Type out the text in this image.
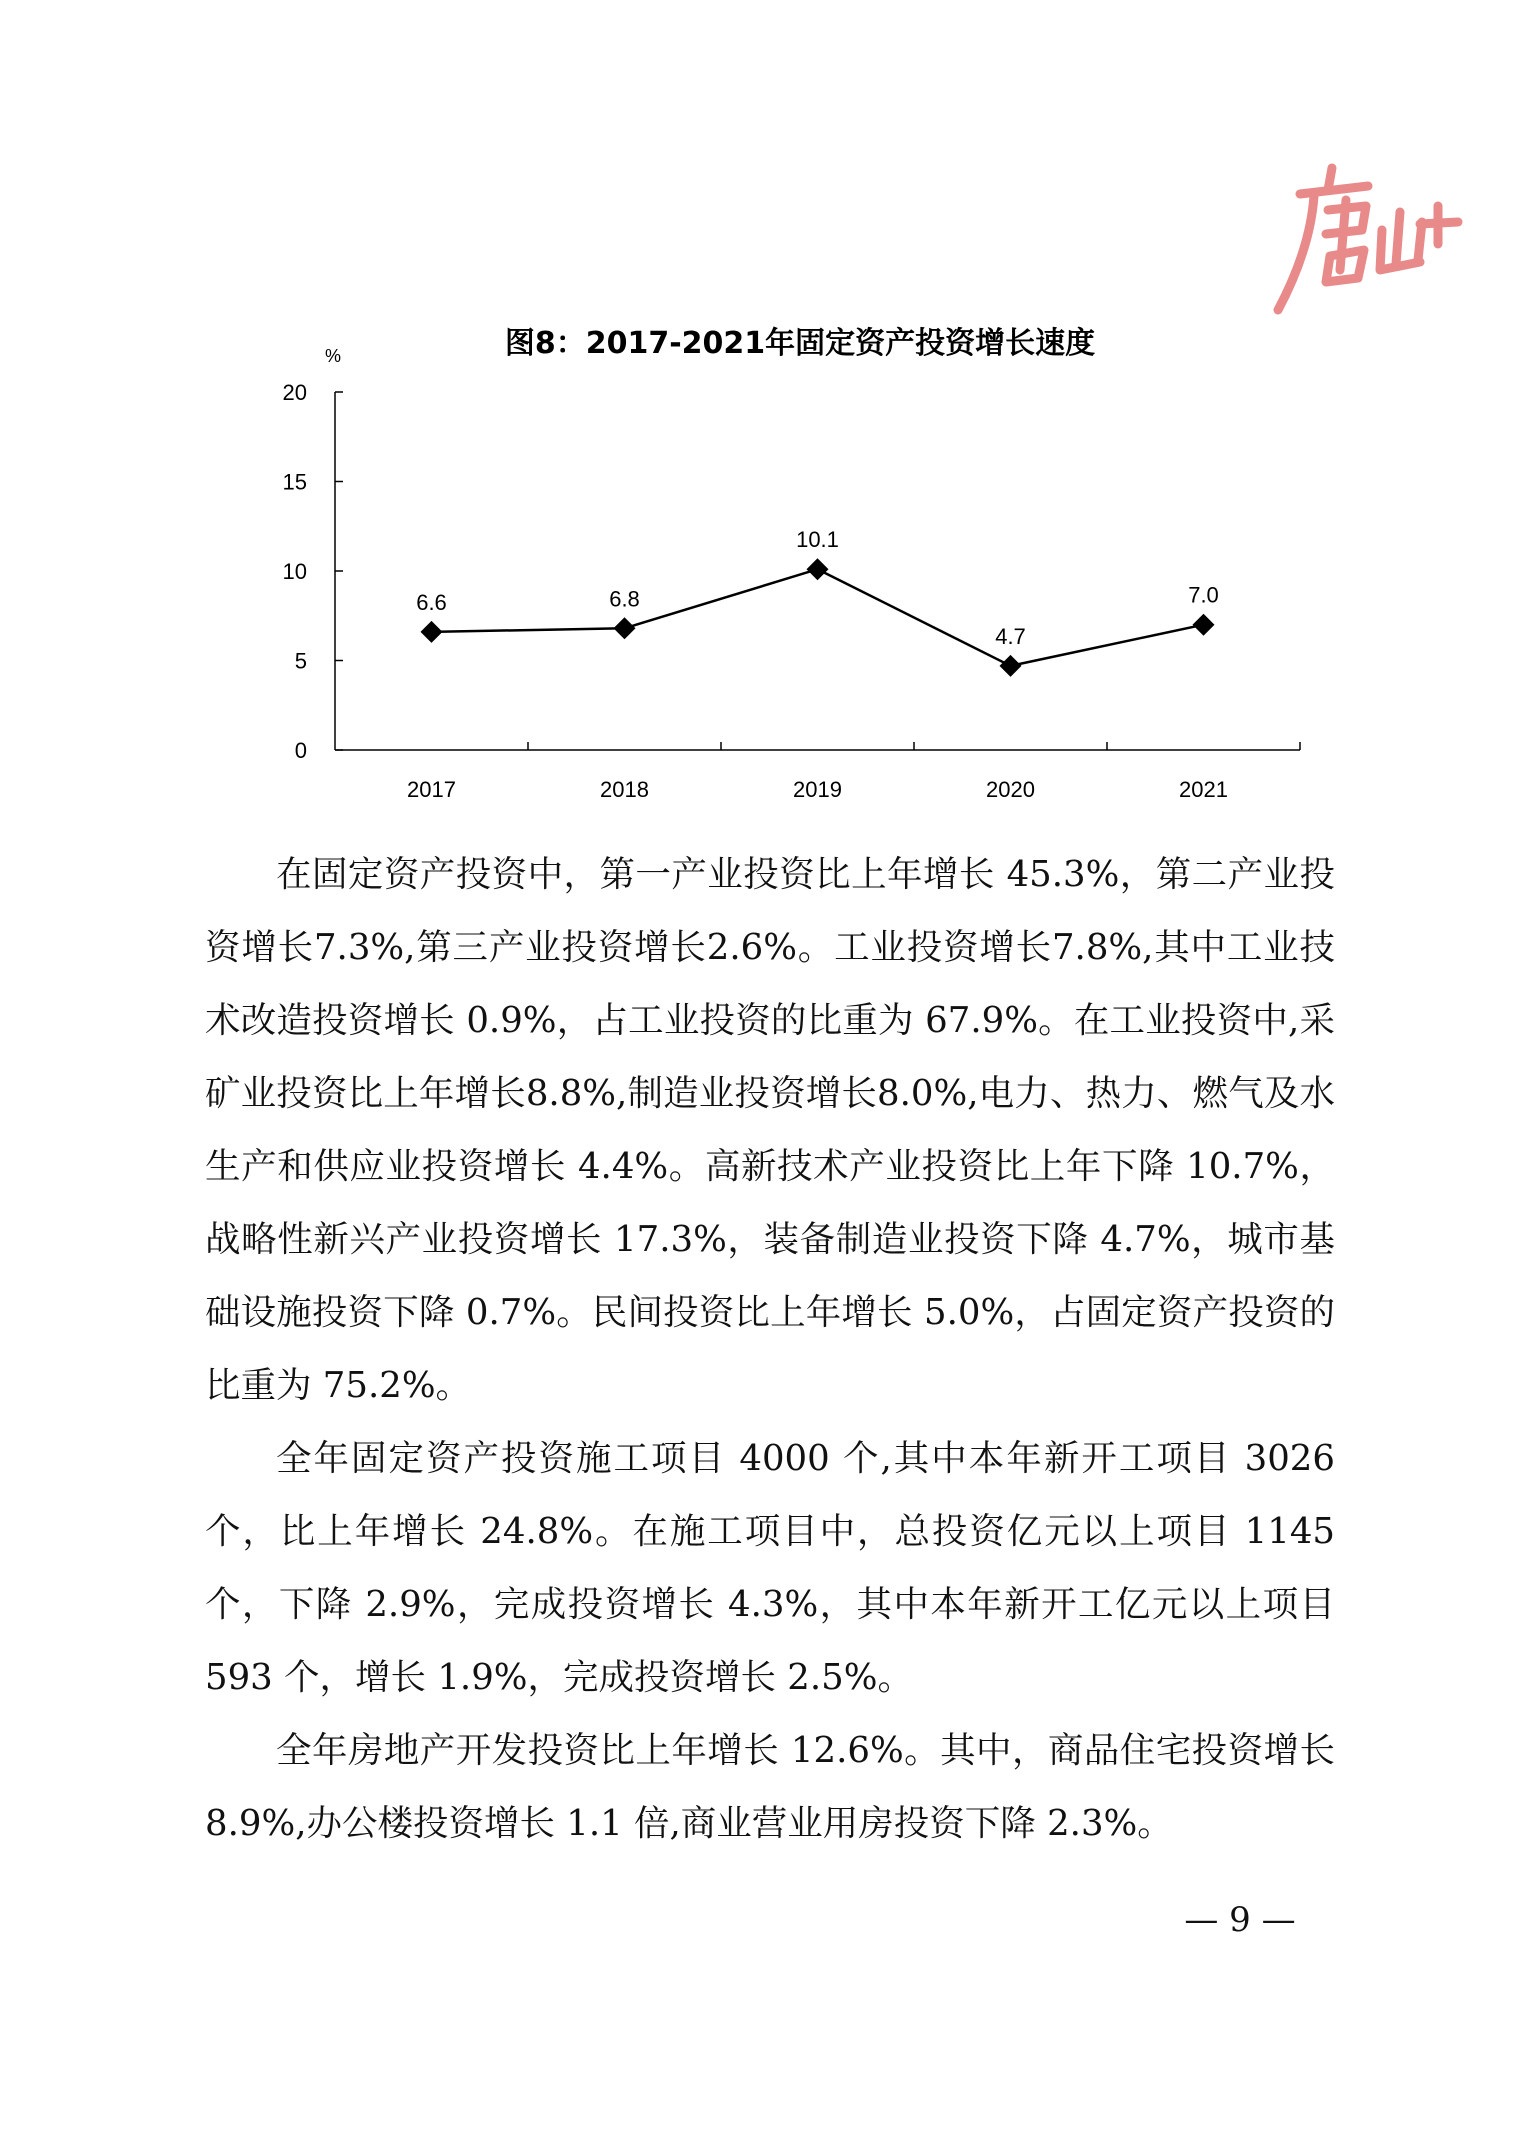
图8：2017-2021年固定资产投资增长速度
0
5
10
15
20
%
2017	2018	2019	2020	2021
6.6	6.8
10.1
4.7
7.0

在固定资产投资中，第一产业投资比上年增长 45.3%，第二产业投资增长7.3%,第三产业投资增长2.6%。工业投资增长7.8%,其中工业技术改造投资增长 0.9%，占工业投资的比重为 67.9%。在工业投资中,采矿业投资比上年增长8.8%,制造业投资增长8.0%,电力、热力、燃气及水生产和供应业投资增长 4.4%。高新技术产业投资比上年下降 10.7%，战略性新兴产业投资增长 17.3%，装备制造业投资下降 4.7%，城市基础设施投资下降 0.7%。民间投资比上年增长 5.0%，占固定资产投资的比重为 75.2%。

全年固定资产投资施工项目 4000 个,其中本年新开工项目 3026 个，比上年增长 24.8%。在施工项目中，总投资亿元以上项目 1145 个，下降 2.9%，完成投资增长 4.3%，其中本年新开工亿元以上项目 593 个，增长 1.9%，完成投资增长 2.5%。

全年房地产开发投资比上年增长 12.6%。其中，商品住宅投资增长 8.9%,办公楼投资增长 1.1 倍,商业营业用房投资下降 2.3%。

— 9 —
